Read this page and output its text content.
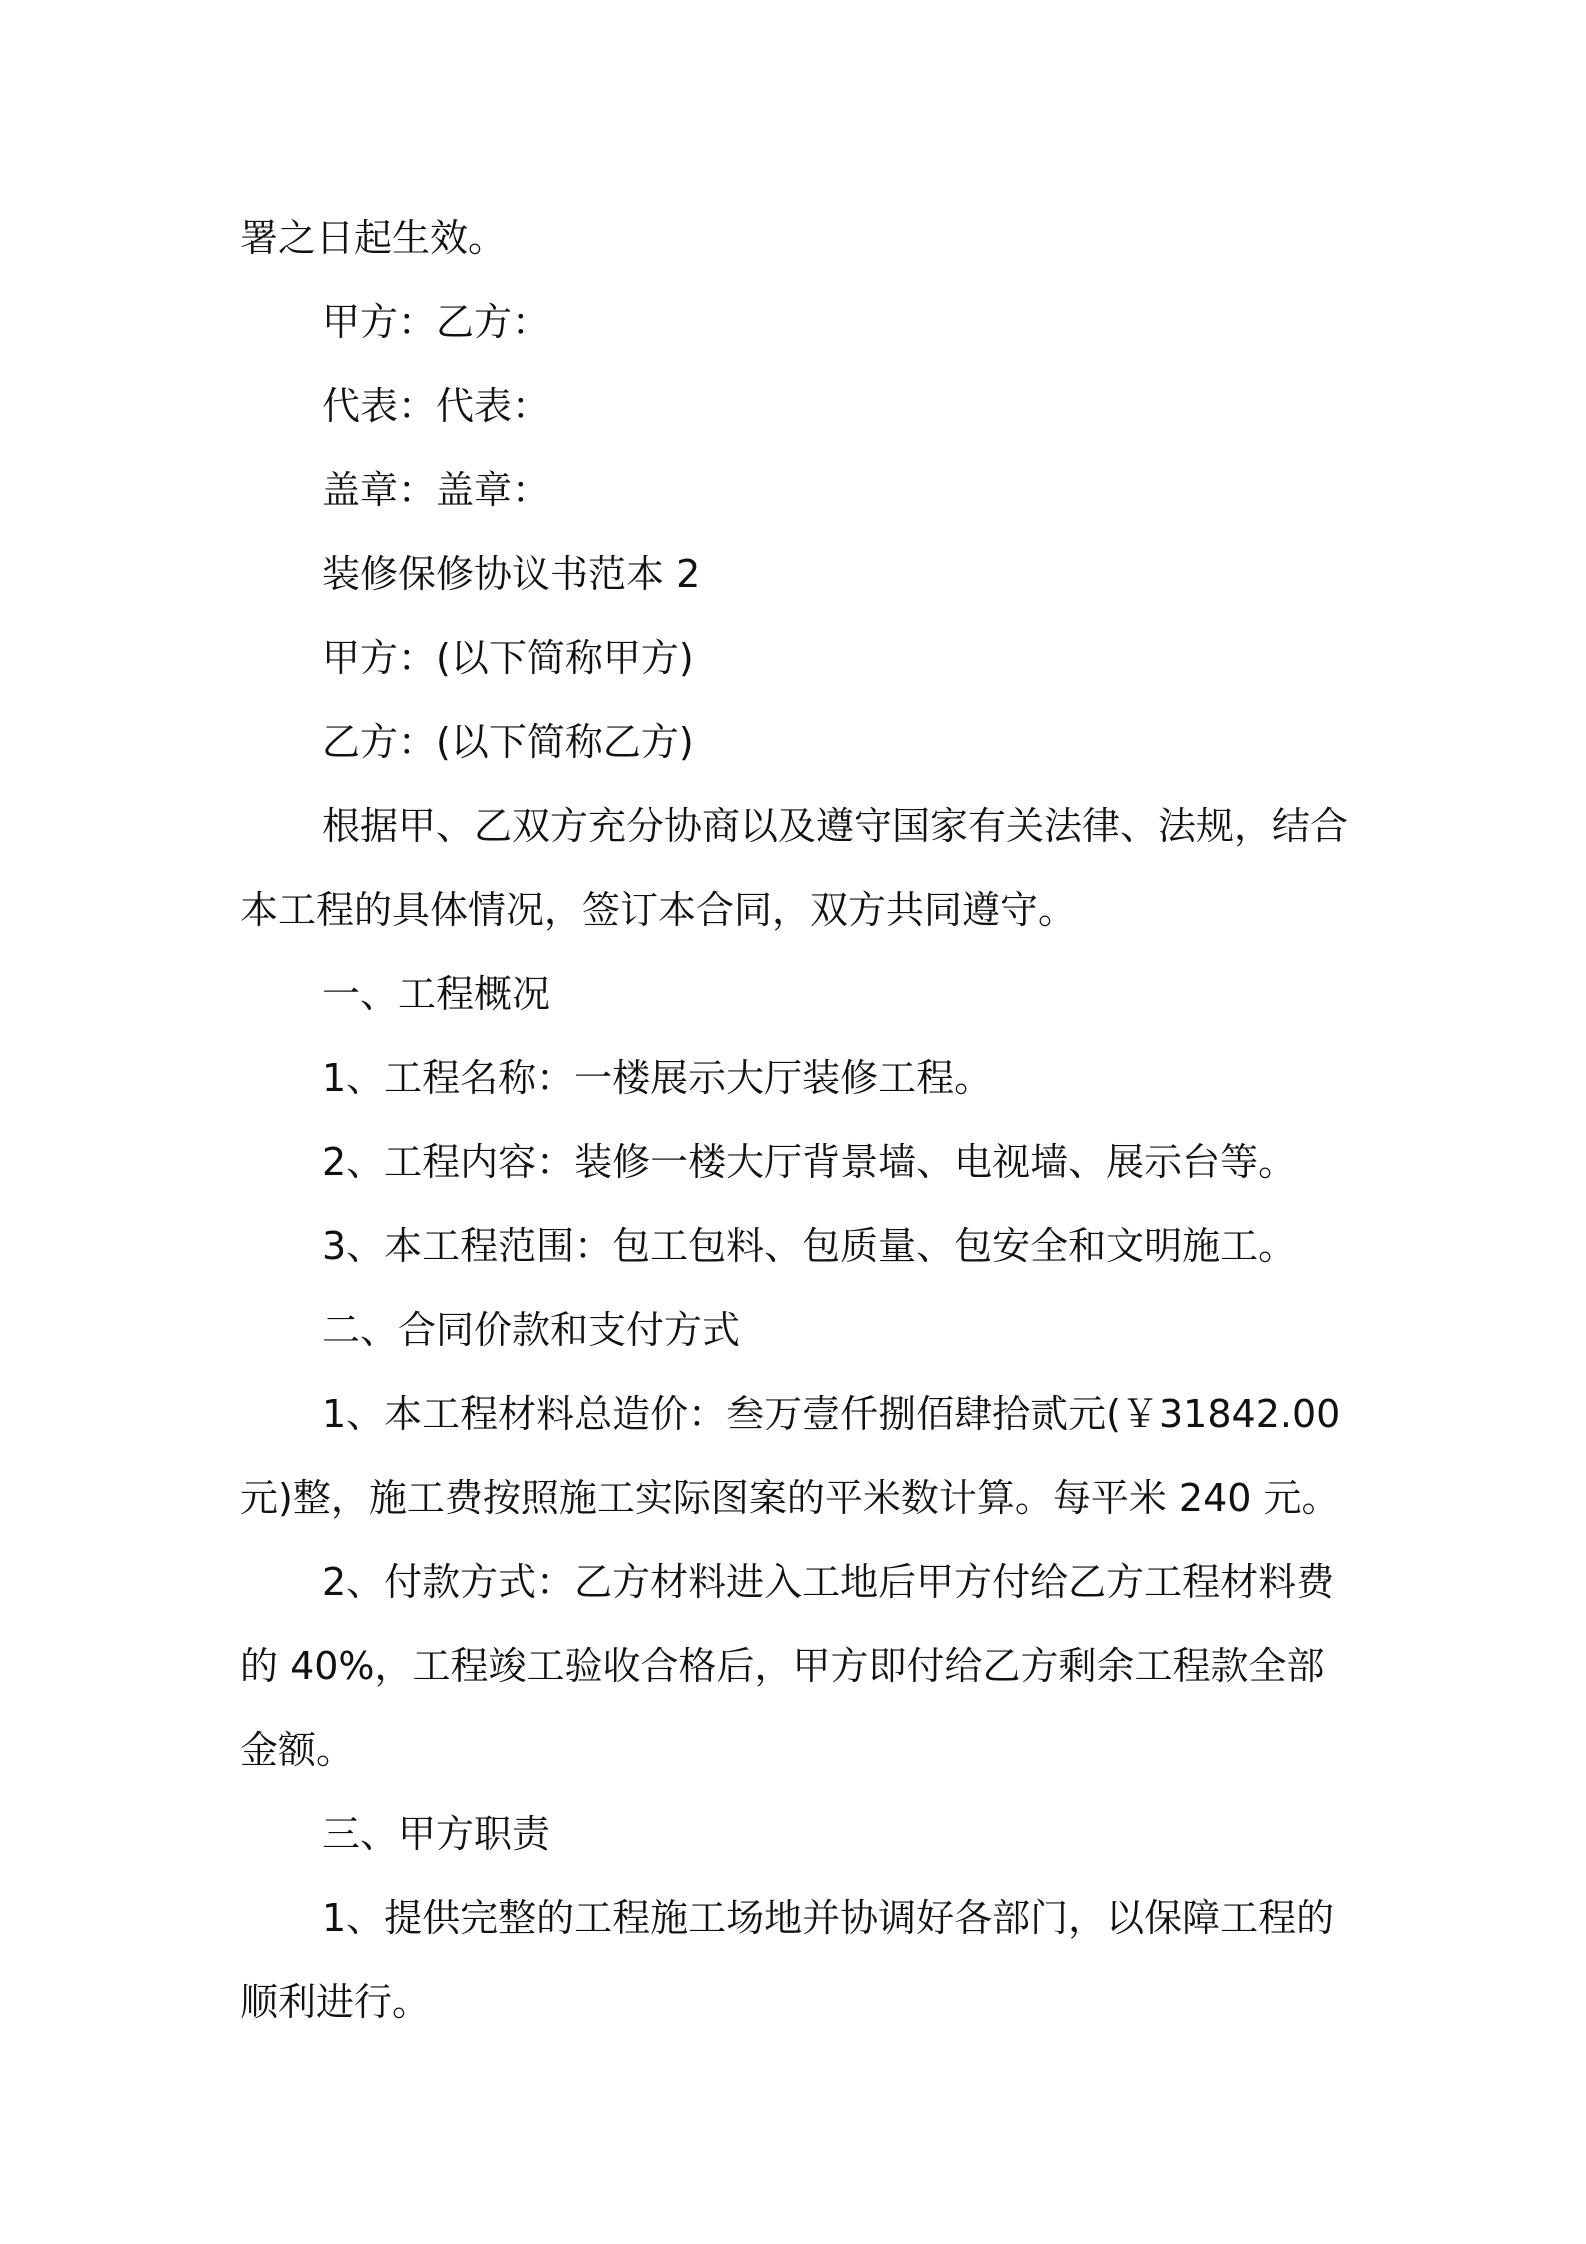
署之日起生效。

甲方：乙方：

代表：代表：

盖章：盖章：

装修保修协议书范本 2

甲方：(以下简称甲方)

乙方：(以下简称乙方)

根据甲、乙双方充分协商以及遵守国家有关法律、法规，结合本工程的具体情况，签订本合同，双方共同遵守。

一、工程概况

1、工程名称：一楼展示大厅装修工程。

2、工程内容：装修一楼大厅背景墙、电视墙、展示台等。

3、本工程范围：包工包料、包质量、包安全和文明施工。

二、合同价款和支付方式

1、本工程材料总造价：叁万壹仟捌佰肆拾贰元(￥31842.00元)整，施工费按照施工实际图案的平米数计算。每平米 240 元。

2、付款方式：乙方材料进入工地后甲方付给乙方工程材料费的 40%，工程竣工验收合格后，甲方即付给乙方剩余工程款全部金额。

三、甲方职责

1、提供完整的工程施工场地并协调好各部门，以保障工程的顺利进行。
